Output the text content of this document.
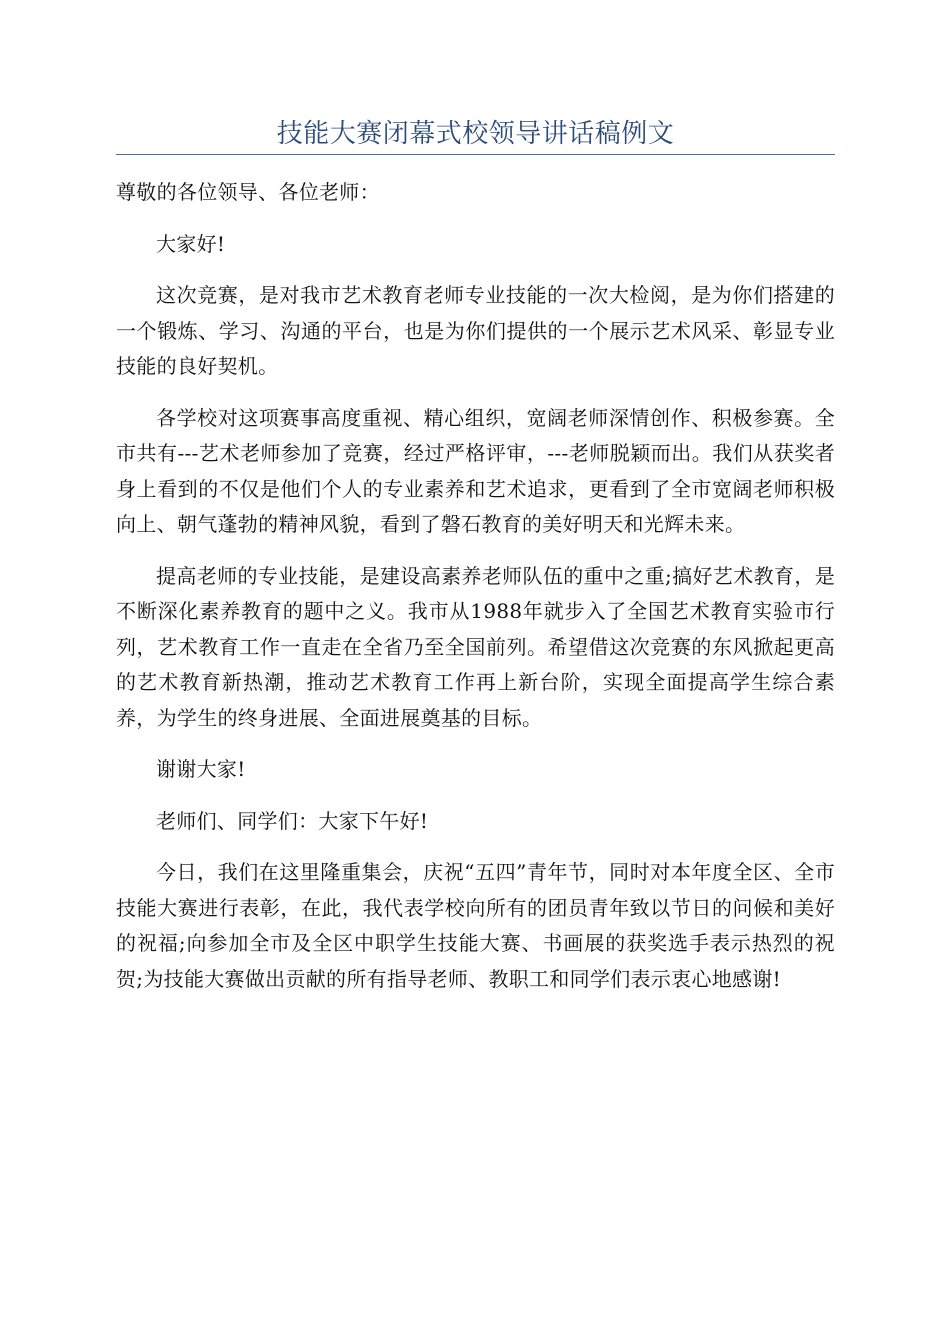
技能大赛闭幕式校领导讲话稿例文

尊敬的各位领导、各位老师：

大家好!

这次竞赛，是对我市艺术教育老师专业技能的一次大检阅，是为你们搭建的一个锻炼、学习、沟通的平台，也是为你们提供的一个展示艺术风采、彰显专业技能的良好契机。

各学校对这项赛事高度重视、精心组织，宽阔老师深情创作、积极参赛。全市共有---艺术老师参加了竞赛，经过严格评审，---老师脱颖而出。我们从获奖者身上看到的不仅是他们个人的专业素养和艺术追求，更看到了全市宽阔老师积极向上、朝气蓬勃的精神风貌，看到了磐石教育的美好明天和光辉未来。

提高老师的专业技能，是建设高素养老师队伍的重中之重;搞好艺术教育，是不断深化素养教育的题中之义。我市从1988年就步入了全国艺术教育实验市行列，艺术教育工作一直走在全省乃至全国前列。希望借这次竞赛的东风掀起更高的艺术教育新热潮，推动艺术教育工作再上新台阶，实现全面提高学生综合素养，为学生的终身进展、全面进展奠基的目标。

谢谢大家!

老师们、同学们：大家下午好!

今日，我们在这里隆重集会，庆祝“五四”青年节，同时对本年度全区、全市技能大赛进行表彰，在此，我代表学校向所有的团员青年致以节日的问候和美好的祝福;向参加全市及全区中职学生技能大赛、书画展的获奖选手表示热烈的祝贺;为技能大赛做出贡献的所有指导老师、教职工和同学们表示衷心地感谢!
